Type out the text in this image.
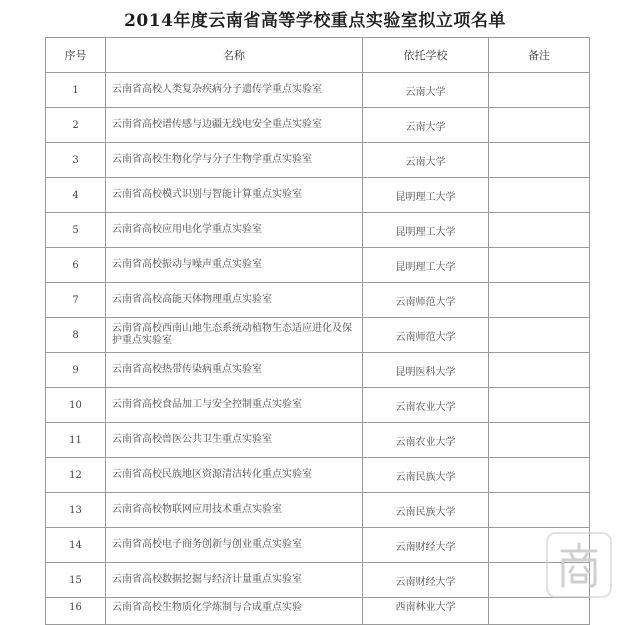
2014年度云南省高等学校重点实验室拟立项名单
序号	名称	依托学校	备注
1	云南省高校人类复杂疾病分子遗传学重点实验室	云南大学	
2	云南省高校谱传感与边疆无线电安全重点实验室	云南大学	
3	云南省高校生物化学与分子生物学重点实验室	云南大学	
4	云南省高校模式识别与智能计算重点实验室	昆明理工大学	
5	云南省高校应用电化学重点实验室	昆明理工大学	
6	云南省高校振动与噪声重点实验室	昆明理工大学	
7	云南省高校高能天体物理重点实验室	云南师范大学	
8	云南省高校西南山地生态系统动植物生态适应进化及保护重点实验室	云南师范大学	
9	云南省高校热带传染病重点实验室	昆明医科大学	
10	云南省高校食品加工与安全控制重点实验室	云南农业大学	
11	云南省高校兽医公共卫生重点实验室	云南农业大学	
12	云南省高校民族地区资源清洁转化重点实验室	云南民族大学	
13	云南省高校物联网应用技术重点实验室	云南民族大学	
14	云南省高校电子商务创新与创业重点实验室	云南财经大学	
15	云南省高校数据挖掘与经济计量重点实验室	云南财经大学	
16	云南省高校生物质化学炼制与合成重点实验	西南林业大学	
